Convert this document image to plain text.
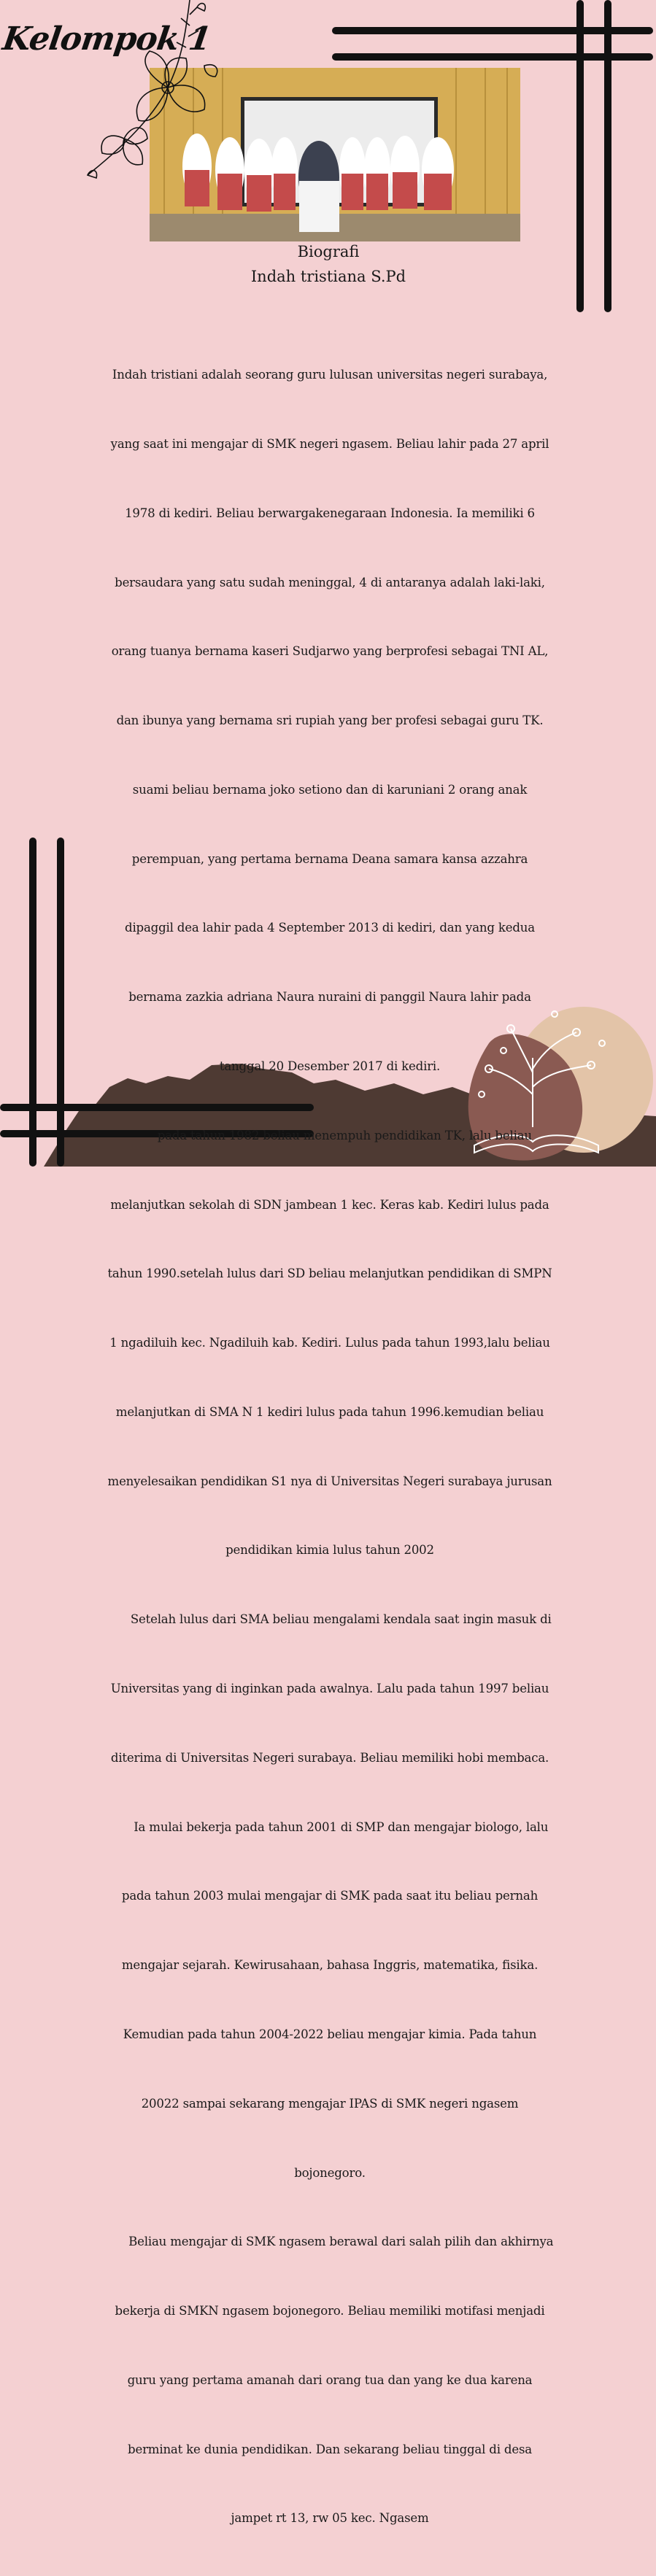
Kelompok 1
Biografi
Indah tristiana S.Pd

Indah tristiani adalah seorang guru lulusan universitas negeri surabaya,

yang saat ini mengajar di SMK negeri ngasem. Beliau lahir pada 27 april

1978 di kediri. Beliau berwargakenegaraan Indonesia. Ia memiliki 6

bersaudara yang satu sudah meninggal, 4 di antaranya adalah laki-laki,

orang tuanya bernama kaseri Sudjarwo yang berprofesi sebagai TNI AL,

dan ibunya yang bernama sri rupiah yang ber profesi sebagai guru TK.

suami beliau bernama joko setiono dan di karuniani 2 orang anak

perempuan, yang pertama bernama Deana samara kansa azzahra

dipaggil dea lahir pada 4 September 2013 di kediri, dan yang kedua

bernama zazkia adriana Naura nuraini di panggil Naura lahir pada

tanggal 20 Desember 2017 di kediri.

pada tahun 1982 beliau menempuh pendidikan TK, lalu beliau

melanjutkan sekolah di SDN jambean 1 kec. Keras kab. Kediri lulus pada

tahun 1990.setelah lulus dari SD beliau melanjutkan pendidikan di SMPN

1 ngadiluih kec. Ngadiluih kab. Kediri. Lulus pada tahun 1993,lalu beliau

melanjutkan di SMA N 1 kediri lulus pada tahun 1996.kemudian beliau

menyelesaikan pendidikan S1 nya di Universitas Negeri surabaya jurusan

pendidikan kimia lulus tahun 2002

Setelah lulus dari SMA beliau mengalami kendala saat ingin masuk di

Universitas yang di inginkan pada awalnya. Lalu pada tahun 1997 beliau

diterima di Universitas Negeri surabaya. Beliau memiliki hobi membaca.

Ia mulai bekerja pada tahun 2001 di SMP dan mengajar biologo, lalu

pada tahun 2003 mulai mengajar di SMK pada saat itu beliau pernah

mengajar sejarah. Kewirusahaan, bahasa Inggris, matematika, fisika.

Kemudian pada tahun 2004-2022 beliau mengajar kimia. Pada tahun

20022 sampai sekarang mengajar IPAS di SMK negeri ngasem

bojonegoro.

Beliau mengajar di SMK ngasem berawal dari salah pilih dan akhirnya

bekerja di SMKN ngasem bojonegoro. Beliau memiliki motifasi menjadi

guru yang pertama amanah dari orang tua dan yang ke dua karena

berminat ke dunia pendidikan. Dan sekarang beliau tinggal di desa

jampet rt 13, rw 05 kec. Ngasem
